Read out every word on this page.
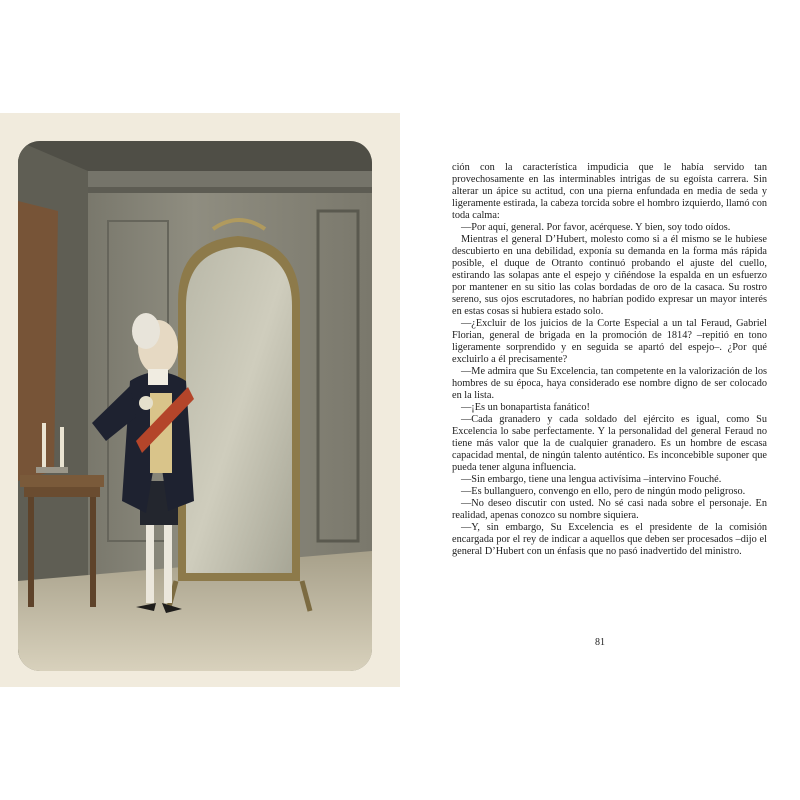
ción con la característica impudicia que le había servido tan provechosamente en las interminables intrigas de su egoísta carrera. Sin alterar un ápice su actitud, con una pierna enfundada en media de seda y ligeramente estirada, la cabeza torcida sobre el hombro izquierdo, llamó con toda calma:

—Por aquí, general. Por favor, acérquese. Y bien, soy todo oídos.

Mientras el general D’Hubert, molesto como si a él mismo se le hubiese descubierto en una debilidad, exponía su demanda en la forma más rápida posible, el duque de Otranto continuó probando el ajuste del cuello, estirando las solapas ante el espejo y ciñéndose la espalda en un esfuerzo por mantener en su sitio las colas bordadas de oro de la casaca. Su rostro sereno, sus ojos escrutadores, no habrían podido expresar un mayor interés en estas cosas si hubiera estado solo.

—¿Excluir de los juicios de la Corte Especial a un tal Feraud, Gabriel Florian, general de brigada en la promoción de 1814? –repitió en tono ligeramente sorprendido y en seguida se apartó del espejo–. ¿Por qué excluirlo a él precisamente?

—Me admira que Su Excelencia, tan competente en la valorización de los hombres de su época, haya considerado ese nombre digno de ser colocado en la lista.

—¡Es un bonapartista fanático!

—Cada granadero y cada soldado del ejército es igual, como Su Excelencia lo sabe perfectamente. Y la personalidad del general Feraud no tiene más valor que la de cualquier granadero. Es un hombre de escasa capacidad mental, de ningún talento auténtico. Es inconcebible suponer que pueda tener alguna influencia.

—Sin embargo, tiene una lengua activísima –intervino Fouché.

—Es bullanguero, convengo en ello, pero de ningún modo peligroso.

—No deseo discutir con usted. No sé casi nada sobre el personaje. En realidad, apenas conozco su nombre siquiera.

—Y, sin embargo, Su Excelencia es el presidente de la comisión encargada por el rey de indicar a aquellos que deben ser procesados –dijo el general D’Hubert con un énfasis que no pasó inadvertido del ministro.

81
